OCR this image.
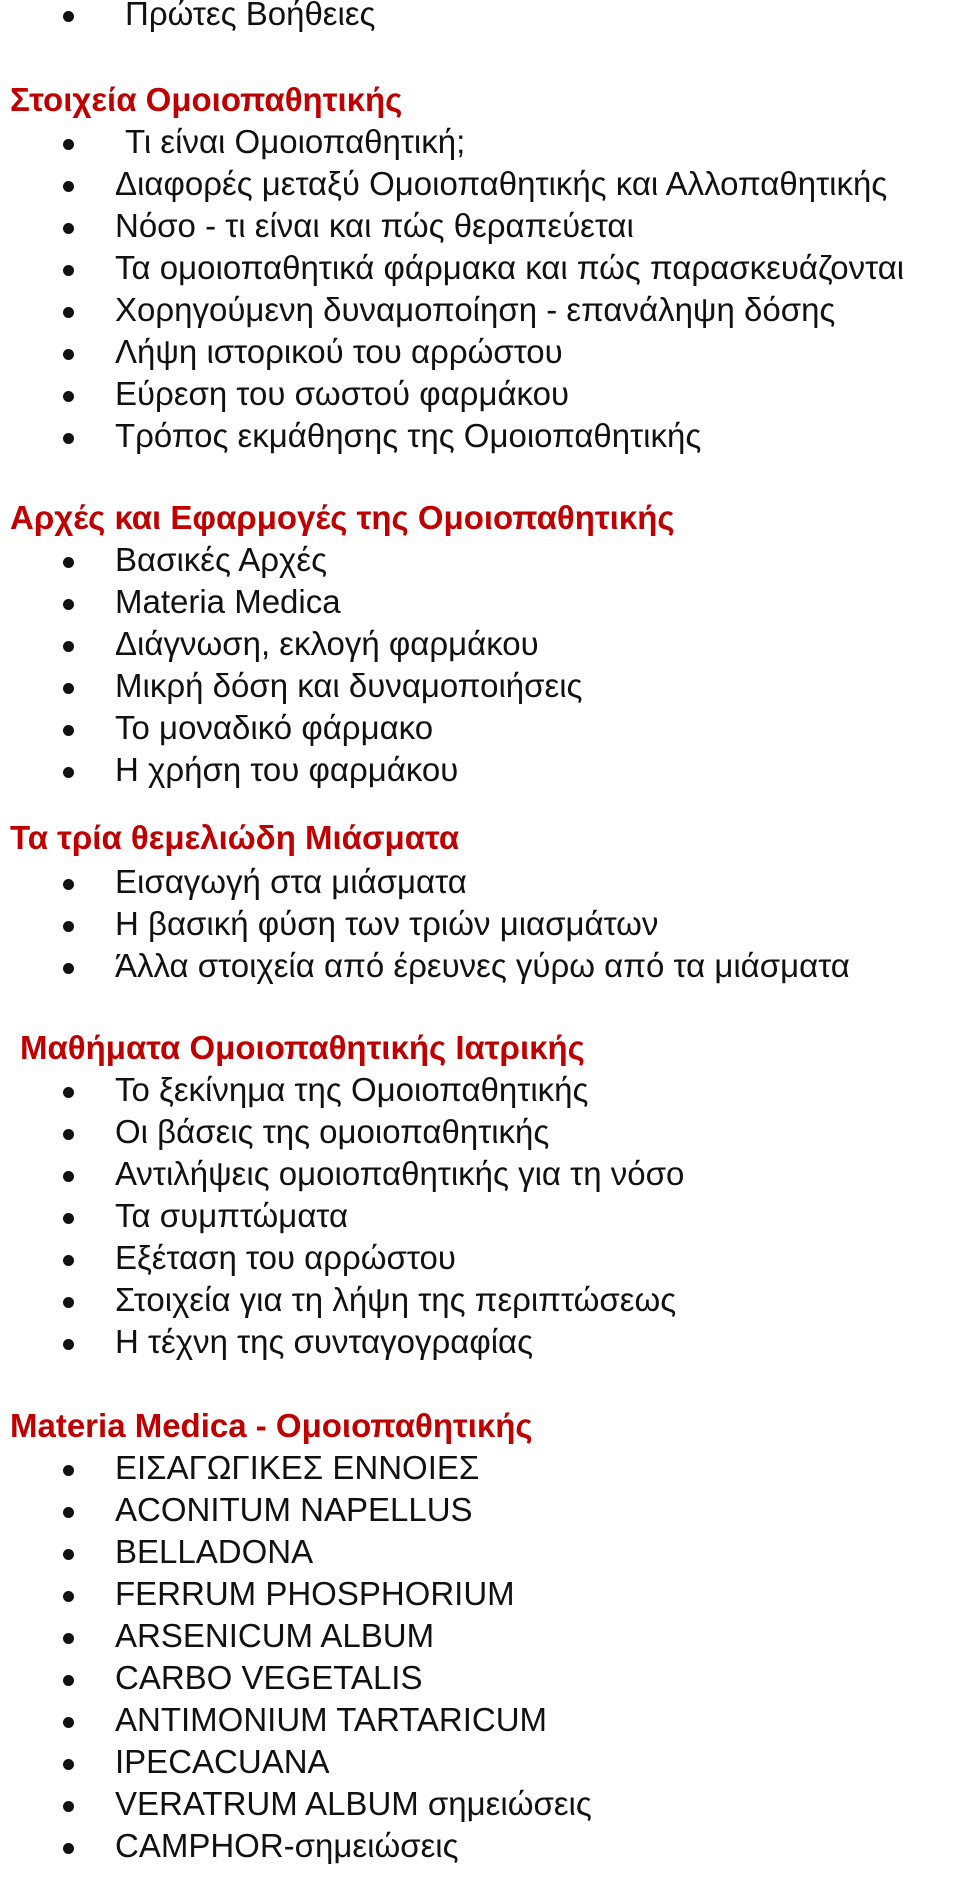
Πρώτες Βοήθειες
Στοιχεία Ομοιοπαθητικής
Τι είναι Ομοιοπαθητική;
Διαφορές μεταξύ Ομοιοπαθητικής και Αλλοπαθητικής
Νόσο - τι είναι και πώς θεραπεύεται
Τα ομοιοπαθητικά φάρμακα και πώς παρασκευάζονται
Χορηγούμενη δυναμοποίηση - επανάληψη δόσης
Λήψη ιστορικού του αρρώστου
Εύρεση του σωστού φαρμάκου
Τρόπος εκμάθησης της Ομοιοπαθητικής
Αρχές και Εφαρμογές της Ομοιοπαθητικής
Βασικές Αρχές
Materia Medica
Διάγνωση, εκλογή φαρμάκου
Μικρή δόση και δυναμοποιήσεις
Το μοναδικό φάρμακο
Η χρήση του φαρμάκου
Τα τρία θεμελιώδη Μιάσματα
Εισαγωγή στα μιάσματα
Η βασική φύση των τριών μιασμάτων
Άλλα στοιχεία από έρευνες γύρω από τα μιάσματα
Μαθήματα Ομοιοπαθητικής Ιατρικής
Το ξεκίνημα της Ομοιοπαθητικής
Οι βάσεις της ομοιοπαθητικής
Αντιλήψεις ομοιοπαθητικής για τη νόσο
Τα συμπτώματα
Εξέταση του αρρώστου
Στοιχεία για τη λήψη της περιπτώσεως
Η τέχνη της συνταγογραφίας
Materia Medica - Ομοιοπαθητικής
ΕΙΣΑΓΩΓΙΚΕΣ ΕΝΝΟΙΕΣ
ACONITUM NAPELLUS
BELLADONA
FERRUM PHOSPHORIUM
ARSENICUM ALBUM
CARBO VEGETALIS
ANTIMONIUM TARTARICUM
IPECACUANA
VERATRUM ALBUM σημειώσεις
CAMPHOR-σημειώσεις
